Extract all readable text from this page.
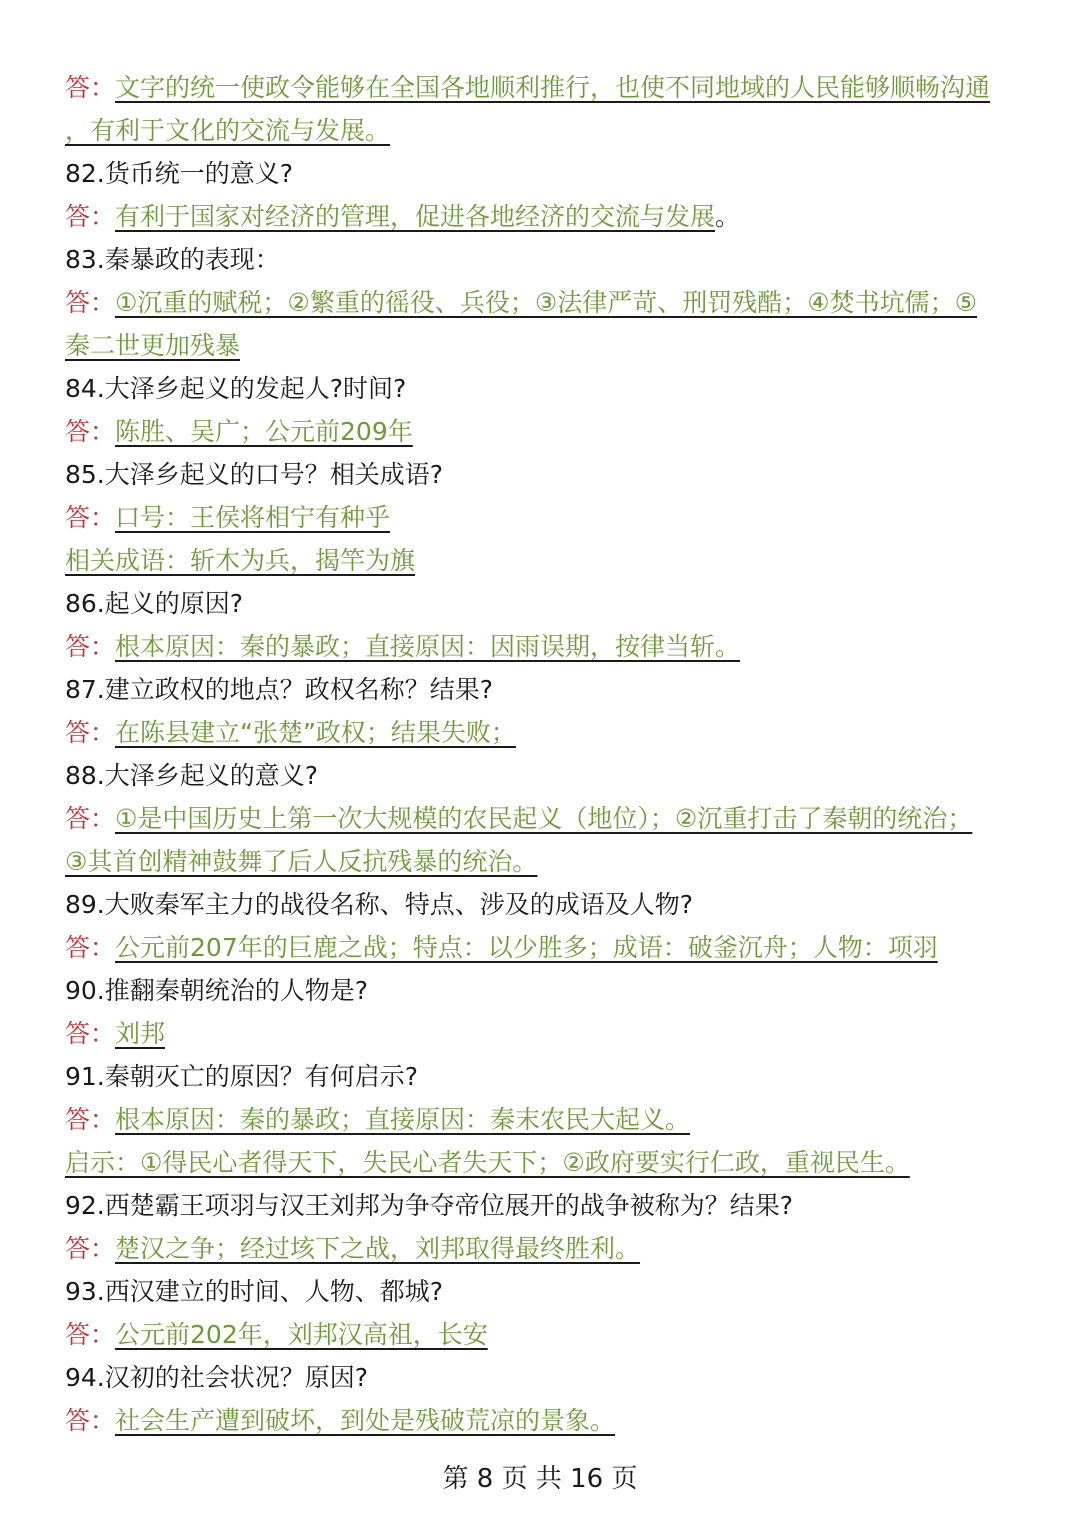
答：文字的统一使政令能够在全国各地顺利推行，也使不同地域的人民能够顺畅沟通
，有利于文化的交流与发展。
82.货币统一的意义?
答：有利于国家对经济的管理，促进各地经济的交流与发展。
83.秦暴政的表现：
答：①沉重的赋税；②繁重的徭役、兵役；③法律严苛、刑罚残酷；④焚书坑儒；⑤
秦二世更加残暴
84.大泽乡起义的发起人?时间?
答：陈胜、吴广；公元前209年
85.大泽乡起义的口号？相关成语?
答：口号：王侯将相宁有种乎
相关成语：斩木为兵，揭竿为旗
86.起义的原因?
答：根本原因：秦的暴政；直接原因：因雨误期，按律当斩。
87.建立政权的地点？政权名称？结果?
答：在陈县建立“张楚”政权；结果失败；
88.大泽乡起义的意义?
答：①是中国历史上第一次大规模的农民起义（地位）；②沉重打击了秦朝的统治；
③其首创精神鼓舞了后人反抗残暴的统治。
89.大败秦军主力的战役名称、特点、涉及的成语及人物?
答：公元前207年的巨鹿之战；特点：以少胜多；成语：破釜沉舟；人物：项羽
90.推翻秦朝统治的人物是?
答：刘邦
91.秦朝灭亡的原因？有何启示?
答：根本原因：秦的暴政；直接原因：秦末农民大起义。
启示：①得民心者得天下，失民心者失天下；②政府要实行仁政，重视民生。
92.西楚霸王项羽与汉王刘邦为争夺帝位展开的战争被称为？结果?
答：楚汉之争；经过垓下之战，刘邦取得最终胜利。
93.西汉建立的时间、人物、都城?
答：公元前202年，刘邦汉高祖，长安
94.汉初的社会状况？原因?
答：社会生产遭到破坏，到处是残破荒凉的景象。
第 8 页 共 16 页
